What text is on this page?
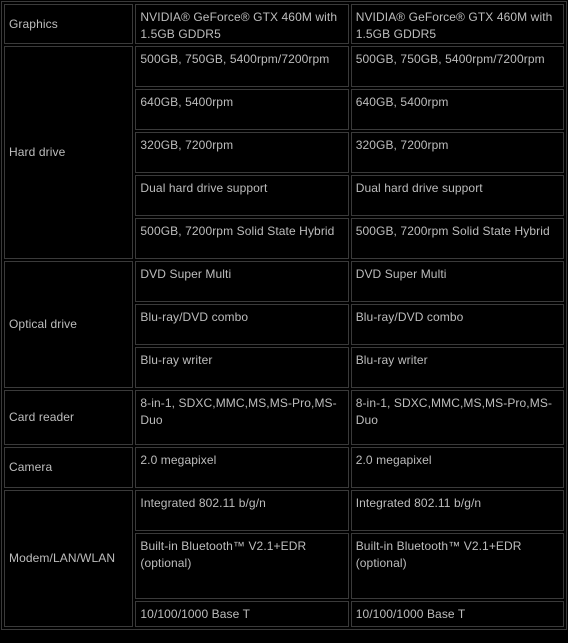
Graphics	NVIDIA® GeForce® GTX 460M with 1.5GB GDDR5	NVIDIA® GeForce® GTX 460M with 1.5GB GDDR5

Hard drive	500GB, 750GB, 5400rpm/7200rpm	500GB, 750GB, 5400rpm/7200rpm

	640GB, 5400rpm	640GB, 5400rpm

	320GB, 7200rpm	320GB, 7200rpm

	Dual hard drive support	Dual hard drive support

	500GB, 7200rpm Solid State Hybrid	500GB, 7200rpm Solid State Hybrid

Optical drive	DVD Super Multi	DVD Super Multi

	Blu-ray/DVD combo	Blu-ray/DVD combo

	Blu-ray writer	Blu-ray writer

Card reader	8-in-1, SDXC,MMC,MS,MS-Pro,MS-Duo	8-in-1, SDXC,MMC,MS,MS-Pro,MS-Duo

Camera	2.0 megapixel	2.0 megapixel

Modem/LAN/WLAN	Integrated 802.11 b/g/n	Integrated 802.11 b/g/n

	Built-in Bluetooth™ V2.1+EDR (optional)	Built-in Bluetooth™ V2.1+EDR (optional)

	10/100/1000 Base T	10/100/1000 Base T
